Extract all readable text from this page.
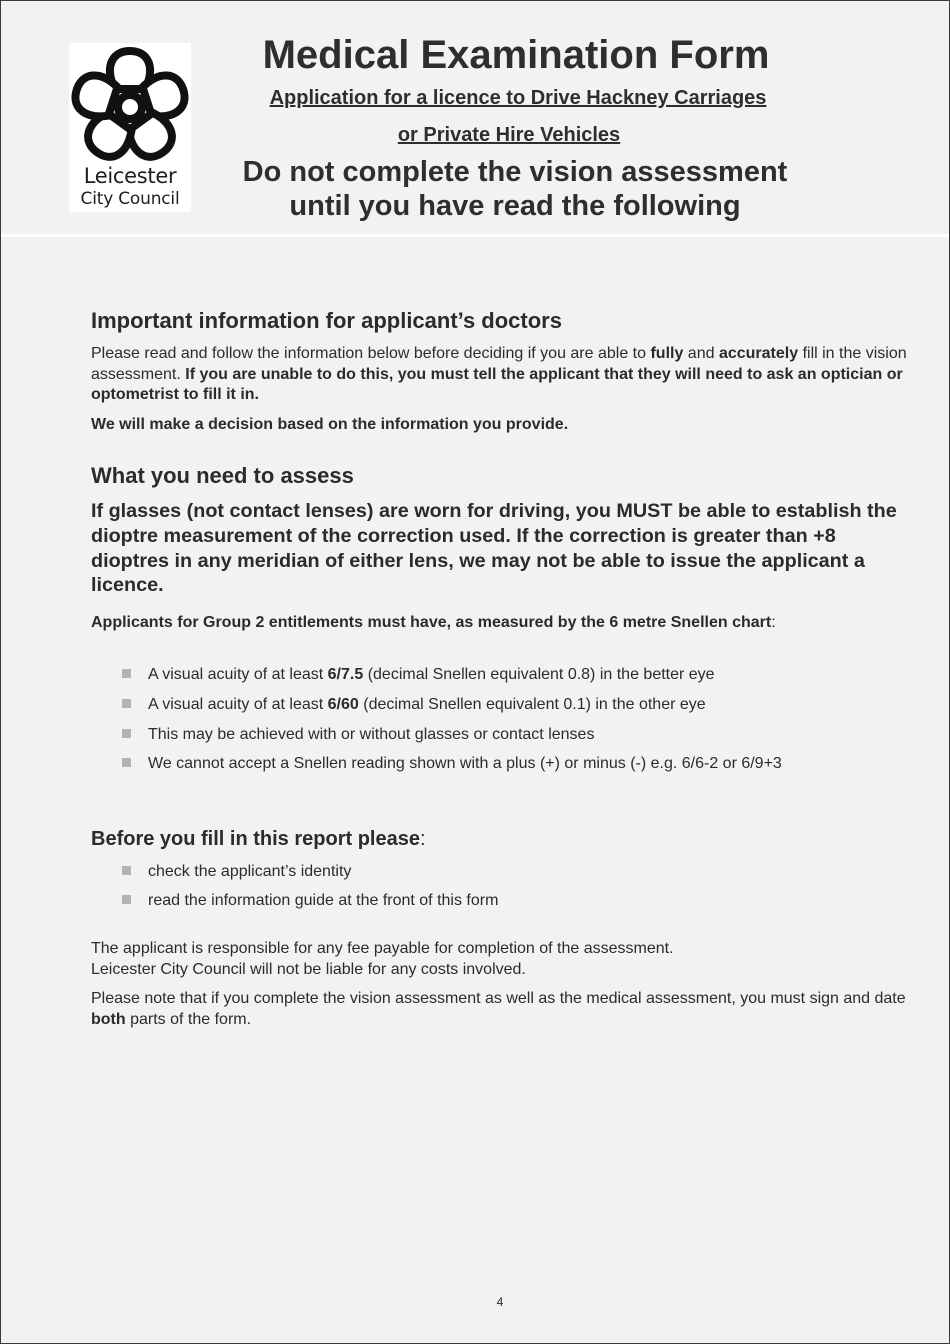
Leicester
City Council
Medical Examination Form
Application for a licence to Drive Hackney Carriages
or Private Hire Vehicles
Do not complete the vision assessment
until you have read the following
Important information for applicant’s doctors
Please read and follow the information below before deciding if you are able to fully and accurately fill in the vision assessment. If you are unable to do this, you must tell the applicant that they will need to ask an optician or optometrist to fill it in.
We will make a decision based on the information you provide.
What you need to assess
If glasses (not contact lenses) are worn for driving, you MUST be able to establish the dioptre measurement of the correction used. If the correction is greater than +8 dioptres in any meridian of either lens, we may not be able to issue the applicant a licence.
Applicants for Group 2 entitlements must have, as measured by the 6 metre Snellen chart:
A visual acuity of at least 6/7.5 (decimal Snellen equivalent 0.8) in the better eye
A visual acuity of at least 6/60 (decimal Snellen equivalent 0.1) in the other eye
This may be achieved with or without glasses or contact lenses
We cannot accept a Snellen reading shown with a plus (+) or minus (-) e.g. 6/6-2 or 6/9+3
Before you fill in this report please:
check the applicant’s identity
read the information guide at the front of this form
The applicant is responsible for any fee payable for completion of the assessment.
Leicester City Council will not be liable for any costs involved.
Please note that if you complete the vision assessment as well as the medical assessment, you must sign and date both parts of the form.
4
